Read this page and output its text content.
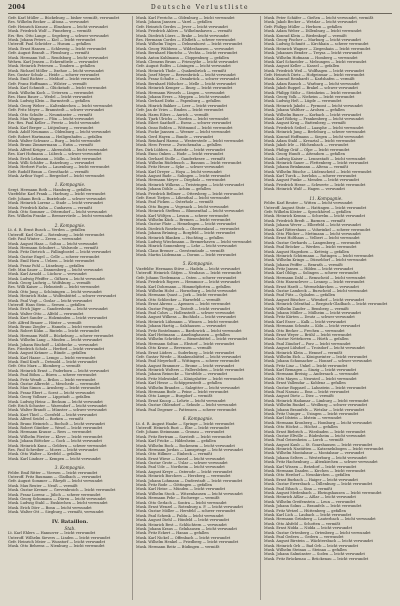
2004	Deutsche Verlustliste
Gefr. Karl Müller — Bückeburg — bisher vermißt, verwundet
Res. Wilhelm Becker — Altona — verwundet
Gefr. Heinrich Krause — Elmshorn — leicht verwundet
Musk. Friedrich Wolf — Pinneberg — vermißt
Ers.-Res. Otto Lange — Segeberg — schwer verwundet
Musk. Johann Peters — Kiel — leicht verwundet
Unteroff. Paul Schröder — Husum — gefallen
Musk. Ernst Hansen — Schleswig — leicht verwundet
Gefr. August Brandt — Flensburg — vermißt
Musk. Hermann Voß — Rendsburg — leicht verwundet
Wehrm. Karl Jensen — Eckernförde — verwundet
Musk. Heinrich Petersen — Tondern — gefallen
Musk. Richard Möller — Itzehoe — leicht verwundet
Res. Gustav Schulz — Heide — schwer verwundet
Musk. Emil Richter — Meldorf — leicht verwundet
Gefr. Franz Hoffmann — Wilster — vermißt
Musk. Karl Schmidt — Glückstadt — leicht verwundet
Musk. Wilhelm Koch — Uetersen — verwundet
Res. Hans Bauer — Wedel — leicht verwundet
Musk. Ludwig Klein — Barmstedt — gefallen
Musk. Georg Weber — Kaltenkirchen — leicht verwundet
Gefr. Fritz Meyer — Bramstedt — schwer verwundet
Musk. Otto Schulte — Neumünster — vermißt
Musk. Max Wagner — Plön — leicht verwundet
Ers.-Res. Paul Keller — Preetz — leicht verwundet
Musk. Karl Berger — Lütjenburg — verwundet
Musk. Adolf Neumann — Oldenburg — leicht verwundet
Gefr. Robert Hartmann — Heiligenhafen — gefallen
Musk. Walter Schwarz — Burg — leicht verwundet
Musk. Bruno Zimmermann — Eutin — vermißt
Musk. Alfred Krüger — Ahrensbök — leicht verwundet
Res. Kurt Hofmann — Lübeck — schwer verwundet
Musk. Erich Lehmann — Mölln — leicht verwundet
Musk. Willi Schäfer — Ratzeburg — verwundet
Musk. Herbert Fuchs — Lauenburg — leicht verwundet
Gefr. Rudolf Braun — Geesthacht — vermißt
Musk. Arthur Vogel — Bergedorf — leicht verwundet
1. Kompagnie.
Sergt. Hermann Roth — Hamburg — gefallen
Vizefeldw. Karl Frank — Harburg — leicht verwundet
Gefr. Johann Beck — Buxtehude — schwer verwundet
Musk. Heinrich Lorenz — Stade — leicht verwundet
Musk. Friedrich Kuhn — Cuxhaven — vermißt
Musk. Otto Sommer — Otterndorf — leicht verwundet
Res. Wilhelm Franke — Bremervörde — leicht verwundet
2. Kompagnie.
Lt. d. R. Ernst Busch — Verden — gefallen
Unteroff. Karl Graf — Rotenburg — leicht verwundet
Gefr. Paul Winter — Zeven — verwundet
Musk. August Haas — Soltau — leicht verwundet
Musk. Hermann Schubert — Walsrode — vermißt
Musk. Fritz Dietrich — Fallingbostel — leicht verwundet
Musk. Gustav Engel — Celle — schwer verwundet
Musk. Emil Horn — Uelzen — leicht verwundet
Musk. Franz Pohl — Lüneburg — gefallen
Gefr. Max Sauer — Dannenberg — leicht verwundet
Musk. Karl Arnold — Lüchow — verwundet
Musk. Ludwig Pfeiffer — Gifhorn — leicht verwundet
Musk. Georg Ludwig — Wolfsburg — vermißt
Res. Willi Kaiser — Helmstedt — leicht verwundet
Musk. Otto Jung — Schöningen — leicht verwundet
Musk. Heinrich Hahn — Wolfenbüttel — schwer verwundet
Musk. Paul Vogt — Goslar — leicht verwundet
Unteroff. Hans Stein — Seesen — gefallen
Musk. Erich Jäger — Gandersheim — leicht verwundet
Musk. Walter Otto — Alfeld — verwundet
Musk. Kurt Sander — Holzminden — leicht verwundet
Gefr. Alfred Brauer — Höxter — vermißt
Musk. Bruno Ziegler — Hameln — leicht verwundet
Musk. Robert Kühn — Rinteln — leicht verwundet
Musk. Hermann Wolff — Bückeburg — schwer verwundet
Musk. Wilhelm Lang — Minden — leicht verwundet
Musk. Johann Bischoff — Lübbecke — verwundet
Res. Friedrich Scholz — Herford — leicht verwundet
Musk. August Krämer — Bünde — gefallen
Musk. Karl Haase — Lemgo — leicht verwundet
Musk. Emil Kraft — Detmold — leicht verwundet
Gefr. Otto Marx — Blomberg — vermißt
Musk. Heinrich Ernst — Paderborn — leicht verwundet
Musk. Paul Böhm — Büren — schwer verwundet
Musk. Fritz Wendt — Brilon — leicht verwundet
Musk. Gustav Albrecht — Meschede — verwundet
Musk. Max Simon — Arnsberg — leicht verwundet
Musk. Franz Ebert — Soest — leicht verwundet
Musk. Georg Vollmer — Lippstadt — gefallen
Musk. Ludwig Heinz — Beckum — leicht verwundet
Gefr. Erich Schuster — Warendorf — leicht verwundet
Musk. Walter Brandt — Münster — schwer verwundet
Musk. Kurt Thiel — Coesfeld — leicht verwundet
Musk. Alfred Seidel — Borken — vermißt
Musk. Bruno Heinrich — Bocholt — leicht verwundet
Musk. Robert Günther — Wesel — leicht verwundet
Musk. Hermann Krause — Rees — verwundet
Musk. Wilhelm Förster — Kleve — leicht verwundet
Musk. Johann Böttcher — Goch — leicht verwundet
Musk. Heinrich Kunz — Geldern — schwer verwundet
Res. Paul Schreiber — Moers — leicht verwundet
Musk. Otto Walter — Krefeld — gefallen
Musk. Karl Lindner — Kempen — leicht verwundet
3. Kompagnie.
Feldw. Emil Ritter — Viersen — leicht verwundet
Unteroff. Fritz Baumann — Gladbach — verwundet
Gefr. August Sommer — Rheydt — leicht verwundet
Musk. Max Reuter — Neuß — vermißt
Musk. Gustav Kremer — Grevenbroich — leicht verwundet
Musk. Franz Lorenz — Jülich — schwer verwundet
Musk. Georg Schumann — Düren — leicht verwundet
Musk. Ludwig Stahl — Euskirchen — leicht verwundet
Musk. Erich Dörr — Bonn — leicht verwundet
Musk. Walter Ott — Siegburg — vermißt, verwundet
IV. Bataillon.
Stab.
Lt. Karl Ehlers — Hannover — leicht verwundet
Unteroff. Wilhelm Sievers — Linden — leicht verwundet
Gefr. Heinrich Meier — Wunstorf — leicht verwundet
Musk. Otto Behrens — Nienburg — leicht verwundet
Musk. Karl Frerichs — Oldenburg — leicht verwundet
Musk. Johann Janssen — Varel — gefallen
Gefr. Heinrich Gerdes — Jever — leicht verwundet
Musk. Friedrich Ahlers — Wilhelmshaven — vermißt
Musk. Diedrich Lüers — Brake — leicht verwundet
Res. Hermann Cordes — Elsfleth — schwer verwundet
Musk. Wilhelm Tönjes — Delmenhorst — leicht verwundet
Musk. Georg Wübbens — Wildeshausen — verwundet
Musk. Bernhard Hinrichs — Vechta — leicht verwundet
Musk. Anton Kuhlmann — Cloppenburg — gefallen
Musk. Clemens Bruns — Friesoythe — leicht verwundet
Gefr. August Rolfes — Löningen — leicht verwundet
Musk. Heinrich Thole — Quakenbrück — vermißt
Musk. Josef Meyer — Bersenbrück — leicht verwundet
Musk. Franz Schulte — Osnabrück — schwer verwundet
Musk. Bernhard Hölscher — Melle — leicht verwundet
Musk. Heinrich Kemper — Iburg — leicht verwundet
Musk. Hermann Wessels — Lingen — verwundet
Musk. Johann Evers — Meppen — leicht verwundet
Musk. Gerhard Dirks — Papenburg — gefallen
Musk. Hinrich Bakker — Leer — leicht verwundet
Gefr. Jan de Vries — Emden — leicht verwundet
Musk. Harm Eilers — Aurich — vermißt
Musk. Tjark Ulrichs — Norden — leicht verwundet
Musk. Eilert Saathoff — Esens — schwer verwundet
Musk. Onno Bohlen — Wittmund — leicht verwundet
Musk. Focke Janssen — Weener — leicht verwundet
Musk. Gerd Hayen — Bunde — verwundet
Musk. Reinhard Harms — Westerstede — leicht verwundet
Musk. Hero Freese — Zwischenahn — gefallen
Res. Dirk Lübben — Rastede — leicht verwundet
Musk. Enno Onken — Hude — leicht verwundet
Musk. Gerhard Stolle — Ganderkesee — vermißt
Musk. Wilhelm Rüdebusch — Bassum — leicht verwundet
Musk. Fritz Heuer — Syke — schwer verwundet
Musk. Karl Dreyer — Hoya — leicht verwundet
Musk. August Bade — Sulingen — leicht verwundet
Musk. Hermann Meyer — Diepholz — verwundet
Musk. Heinrich Wilkens — Twistringen — leicht verwundet
Musk. Johann Döhle — Achim — gefallen
Musk. Friedrich Bellmer — Ottersberg — leicht verwundet
Gefr. Ernst Tietjen — Lilienthal — leicht verwundet
Musk. Paul Ficken — Osterholz — vermißt
Musk. Otto Rugen — Vegesack — leicht verwundet
Musk. Heinrich Steffens — Blumenthal — leicht verwundet
Musk. Karl Wöltjen — Lesum — schwer verwundet
Musk. Wilhelm Kück — Bremen — leicht verwundet
Musk. Gustav Plate — Hemelingen — leicht verwundet
Musk. Diedrich Rosebrock — Oberneuland — verwundet
Musk. Johann Brüning — Borgfeld — leicht verwundet
Musk. Heinrich Blanken — Huchting — gefallen
Musk. Ludwig Wiechmann — Bremerhaven — leicht verwundet
Musk. Hinrich Sonnenberg — Lehe — leicht verwundet
Musk. Claus Bremer — Geestemünde — vermißt
Musk. Martin Lüdemann — Dorum — leicht verwundet
5. Kompagnie.
Vizefeldw. Hermann Stüve — Hadeln — leicht verwundet
Unteroff. Heinrich Gätjen — Neuhaus — leicht verwundet
Gefr. Johann Tiedemann — Osten — schwer verwundet
Musk. Friedrich Ropers — Hemmoor — leicht verwundet
Musk. Karl Dohrmann — Himmelpforten — gefallen
Musk. Wilhelm Holst — Horneburg — leicht verwundet
Musk. Hermann Quast — Jork — leicht verwundet
Musk. Otto Schliecker — Harsefeld — vermißt
Musk. Ernst Ahrens — Apensen — leicht verwundet
Musk. Gustav Prigge — Tostedt — leicht verwundet
Musk. Paul Cohrs — Hollenstedt — schwer verwundet
Musk. August Wilkens — Buchholz — leicht verwundet
Musk. Heinrich Lühmann — Winsen — leicht verwundet
Musk. Johann Hartig — Salzhausen — verwundet
Musk. Fritz Bostelmann — Bardowick — leicht verwundet
Musk. Karl Heitmann — Amelinghausen — gefallen
Musk. Wilhelm Schröder — Bienenbüttel — leicht verwundet
Musk. Hermann Soltau — Ebstorf — leicht verwundet
Musk. Otto Kruse — Bevensen — vermißt
Musk. Ernst Lüders — Suderburg — leicht verwundet
Gefr. Gustav Wrede — Hankensbüttel — leicht verwundet
Musk. Paul Meyerhoff — Wittingen — schwer verwundet
Musk. August Brammer — Brome — leicht verwundet
Musk. Heinrich Wolters — Fallersleben — leicht verwundet
Musk. Johann Reinecke — Vorsfelde — verwundet
Musk. Fritz Mohwinkel — Königslutter — leicht verwundet
Musk. Karl Hesse — Schöppenstedt — gefallen
Musk. Wilhelm Brandes — Salzgitter — leicht verwundet
Musk. Hermann Bode — Peine — leicht verwundet
Musk. Otto Lampe — Burgdorf — vermißt
Musk. Ernst Knoop — Lehrte — leicht verwundet
Musk. Gustav Ohlendorf — Sehnde — leicht verwundet
Musk. Paul Degener — Pattensen — schwer verwundet
6. Kompagnie.
Lt. d. R. August Haake — Springe — leicht verwundet
Unteroff. Heinrich Rust — Elze — leicht verwundet
Gefr. Johann Steinmann — Gronau — verwundet
Musk. Fritz Bertram — Sarstedt — leicht verwundet
Musk. Karl Fricke — Hildesheim — gefallen
Musk. Wilhelm Bock — Bockenem — leicht verwundet
Musk. Hermann Jordan — Lamspringe — leicht verwundet
Musk. Otto Hillmer — Einbeck — vermißt
Musk. Ernst Wiese — Dassel — leicht verwundet
Musk. Gustav Grote — Uslar — schwer verwundet
Musk. Paul Ude — Northeim — leicht verwundet
Musk. August Kreye — Osterode — leicht verwundet
Musk. Heinrich Borchers — Herzberg — verwundet
Musk. Johann Lohmann — Duderstadt — leicht verwundet
Musk. Fritz Rode — Göttingen — gefallen
Musk. Karl Heise — Münden — leicht verwundet
Musk. Wilhelm Stock — Witzenhausen — leicht verwundet
Musk. Hermann Fehr — Eschwege — vermißt
Musk. Otto Gerlach — Sontra — leicht verwundet
Musk. Ernst Wenzel — Rotenburg a. F. — leicht verwundet
Musk. Gustav Möller — Hersfeld — schwer verwundet
Musk. Paul Schenk — Fulda — leicht verwundet
Musk. August Diehl — Hünfeld — leicht verwundet
Musk. Heinrich Best — Schlüchtern — verwundet
Musk. Johann Kraus — Gelnhausen — leicht verwundet
Musk. Fritz Eckert — Hanau — gefallen
Musk. Karl Nickel — Offenbach — leicht verwundet
Musk. Wilhelm Henkel — Friedberg — leicht verwundet
Musk. Hermann Reitz — Büdingen — vermißt
Musk. Peter Schäfer — Gießen — leicht verwundet, vermißt
Musk. Jakob Becker — Wetzlar — leicht verwundet
Gefr. Philipp Müller — Herborn — gefallen
Musk. Adam Weber — Dillenburg — leicht verwundet
Musk. Konrad Klein — Biedenkopf — vermißt
Musk. Georg Fischer — Marburg — leicht verwundet
Musk. Ludwig Schmitt — Kirchhain — schwer verwundet
Musk. Heinrich Wagner — Ziegenhain — leicht verwundet
Musk. Johannes Bender — Treysa — leicht verwundet
Musk. Wilhelm Hofmann — Homberg — verwundet
Musk. Karl Schneider — Melsungen — leicht verwundet
Musk. August Keller — Kassel — gefallen
Musk. Friedrich Weil — Wolfhagen — leicht verwundet
Gefr. Heinrich Dietz — Hofgeismar — leicht verwundet
Musk. Konrad Reinhardt — Karlshafen — vermißt
Musk. Adam Rausch — Warburg — leicht verwundet
Musk. Jakob Ruppel — Brakel — schwer verwundet
Musk. Philipp Stöhr — Steinheim — leicht verwundet
Musk. Georg Volk — Nieheim — leicht verwundet
Musk. Ludwig Heß — Lügde — verwundet
Musk. Heinrich Jakobi — Pyrmont — leicht verwundet
Musk. Johann Walther — Arolsen — gefallen
Musk. Wilhelm Bauer — Korbach — leicht verwundet
Musk. Karl Röhrig — Frankenberg — leicht verwundet
Musk. August Krug — Battenberg — vermißt
Musk. Friedrich Seibel — Laasphe — leicht verwundet
Musk. Heinrich Jung — Berleburg — schwer verwundet
Musk. Konrad Hoffmann — Siegen — leicht verwundet
Musk. Adam Stahl — Kreuztal — leicht verwundet
Musk. Jakob Irle — Hilchenbach — verwundet
Musk. Philipp Gräf — Olpe — leicht verwundet
Musk. Georg Hundt — Attendorn — gefallen
Musk. Ludwig Kaiser — Lennestadt — leicht verwundet
Musk. Heinrich Sauer — Plettenberg — leicht verwundet
Musk. Johann Brinkmann — Altena — vermißt
Musk. Wilhelm Rüsche — Lüdenscheid — leicht verwundet
Musk. Karl Turck — Iserlohn — schwer verwundet
Musk. August Funke — Menden — leicht verwundet
Musk. Friedrich Hesse — Schwerte — leicht verwundet
Musk. Heinrich Wulf — Hagen — verwundet
11. Kompagnie.
Feldw. Karl Reuter — Witten — leicht verwundet
Unteroff. August Stute — Hattingen — leicht verwundet
Gefr. Wilhelm Köster — Sprockhövel — gefallen
Musk. Heinrich Kemna — Schwelm — leicht verwundet
Musk. Friedrich Bredt — Barmen — vermißt
Musk. Johann Wever — Elberfeld — leicht verwundet
Musk. Karl Rittershaus — Vohwinkel — schwer verwundet
Musk. Otto Plücker — Mettmann — leicht verwundet
Musk. Ernst Holthaus — Velbert — leicht verwundet
Musk. Gustav Gerhards — Langenberg — verwundet
Musk. Paul Bröcker — Werden — leicht verwundet
Musk. August Hagedorn — Kettwig — gefallen
Musk. Heinrich Schürmann — Ratingen — leicht verwundet
Musk. Wilhelm Krings — Düsseldorf — leicht verwundet
Musk. Johann Peiffer — Benrath — vermißt
Musk. Fritz Jansen — Hilden — leicht verwundet
Musk. Karl Ohligs — Solingen — schwer verwundet
Musk. Hermann Dahl — Remscheid — leicht verwundet
Musk. Otto Hasenclever — Lennep — leicht verwundet
Musk. Ernst Hardt — Wermelskirchen — verwundet
Musk. Gustav Lambeck — Burscheid — leicht verwundet
Musk. Paul Pütz — Opladen — gefallen
Musk. August Büscher — Wiesdorf — leicht verwundet
Musk. Heinrich Odenthal — Bergisch-Gladbach — leicht verwundet
Musk. Wilhelm Zander — Bensberg — vermißt
Musk. Johann Müller — Mülheim — leicht verwundet
Musk. Fritz Kürten — Deutz — schwer verwundet
Musk. Karl Esser — Kalk — leicht verwundet
Musk. Hermann Schmitz — Köln — leicht verwundet
Musk. Otto Becker — Frechen — verwundet
Musk. Ernst Weyer — Brühl — leicht verwundet
Musk. Gustav Nettekoven — Hürth — gefallen
Musk. Paul Zündorf — Porz — leicht verwundet
Musk. August Lülsdorf — Troisdorf — leicht verwundet
Musk. Heinrich Klein — Hennef — vermißt
Musk. Wilhelm Eich — Königswinter — leicht verwundet
Musk. Johann Schumacher — Honnef — schwer verwundet
Musk. Fritz Linz — Unkel — leicht verwundet
Musk. Karl Remagen — Sinzig — leicht verwundet
Musk. Hermann Breisig — Andernach — verwundet
Musk. Otto Mayen — Neuwied — leicht verwundet
Musk. Ernst Vallendar — Koblenz — gefallen
Musk. Gustav Boppard — Lahnstein — leicht verwundet
Musk. Paul Nassau — Ems — leicht verwundet
Musk. August Dietz — Diez — vermißt
Musk. Heinrich Hadamar — Limburg — leicht verwundet
Musk. Wilhelm Runkel — Weilburg — schwer verwundet
Musk. Johann Braunfels — Wetzlar — leicht verwundet
Musk. Fritz Usinger — Usingen — leicht verwundet
Musk. Karl Idstein — Idstein — verwundet
Musk. Hermann Kronberg — Homburg — leicht verwundet
Musk. Otto Höchst — Höchst — gefallen
Musk. Ernst Biebrich — Wiesbaden — leicht verwundet
Musk. Gustav Eltville — Rüdesheim — leicht verwundet
Musk. Paul Geisenheim — Lorch — vermißt
Musk. August Kaub — St. Goarshausen — leicht verwundet
Musk. Heinrich Nastätten — Katzenelnbogen — leicht verwundet
Musk. Wilhelm Montabaur — Montabaur — verwundet
Musk. Johann Selters — Westerburg — leicht verwundet
Musk. Fritz Hachenburg — Altenkirchen — schwer verwundet
Musk. Karl Wissen — Betzdorf — leicht verwundet
Musk. Hermann Daaden — Kirchen — leicht verwundet
Musk. Otto Herdorf — Neunkirchen — gefallen
Musk. Ernst Burbach — Haiger — leicht verwundet
Musk. Gustav Ewersbach — Dillenburg — leicht verwundet
Musk. Paul Eibach — Sinn — vermißt
Musk. August Medenbach — Ehringshausen — leicht verwundet
Musk. Heinrich Aßlar — Aßlar — leicht verwundet
Musk. Wilhelm Greifenstein — Leun — verwundet
Musk. Johann Solms — Braunfels — leicht verwundet
Musk. Fritz Wetzel — Hüttenberg — gefallen
Musk. Karl Lich — Laubach — leicht verwundet
Musk. Hermann Grünberg — Lauterbach — leicht verwundet
Musk. Otto Alsfeld — Schotten — vermißt
Musk. Ernst Nidda — Nidda — leicht verwundet
Musk. Gustav Ortenberg — Ortenberg — leicht verwundet
Musk. Paul Gedern — Gedern — verwundet
Musk. August Birstein — Wächtersbach — leicht verwundet
Musk. Heinrich Orb — Bad Orb — leicht verwundet
Musk. Wilhelm Steinau — Steinau — gefallen
Musk. Johann Salmünster — Soden — leicht verwundet
Musk. Fritz Brückenau — Brückenau — leicht verwundet
